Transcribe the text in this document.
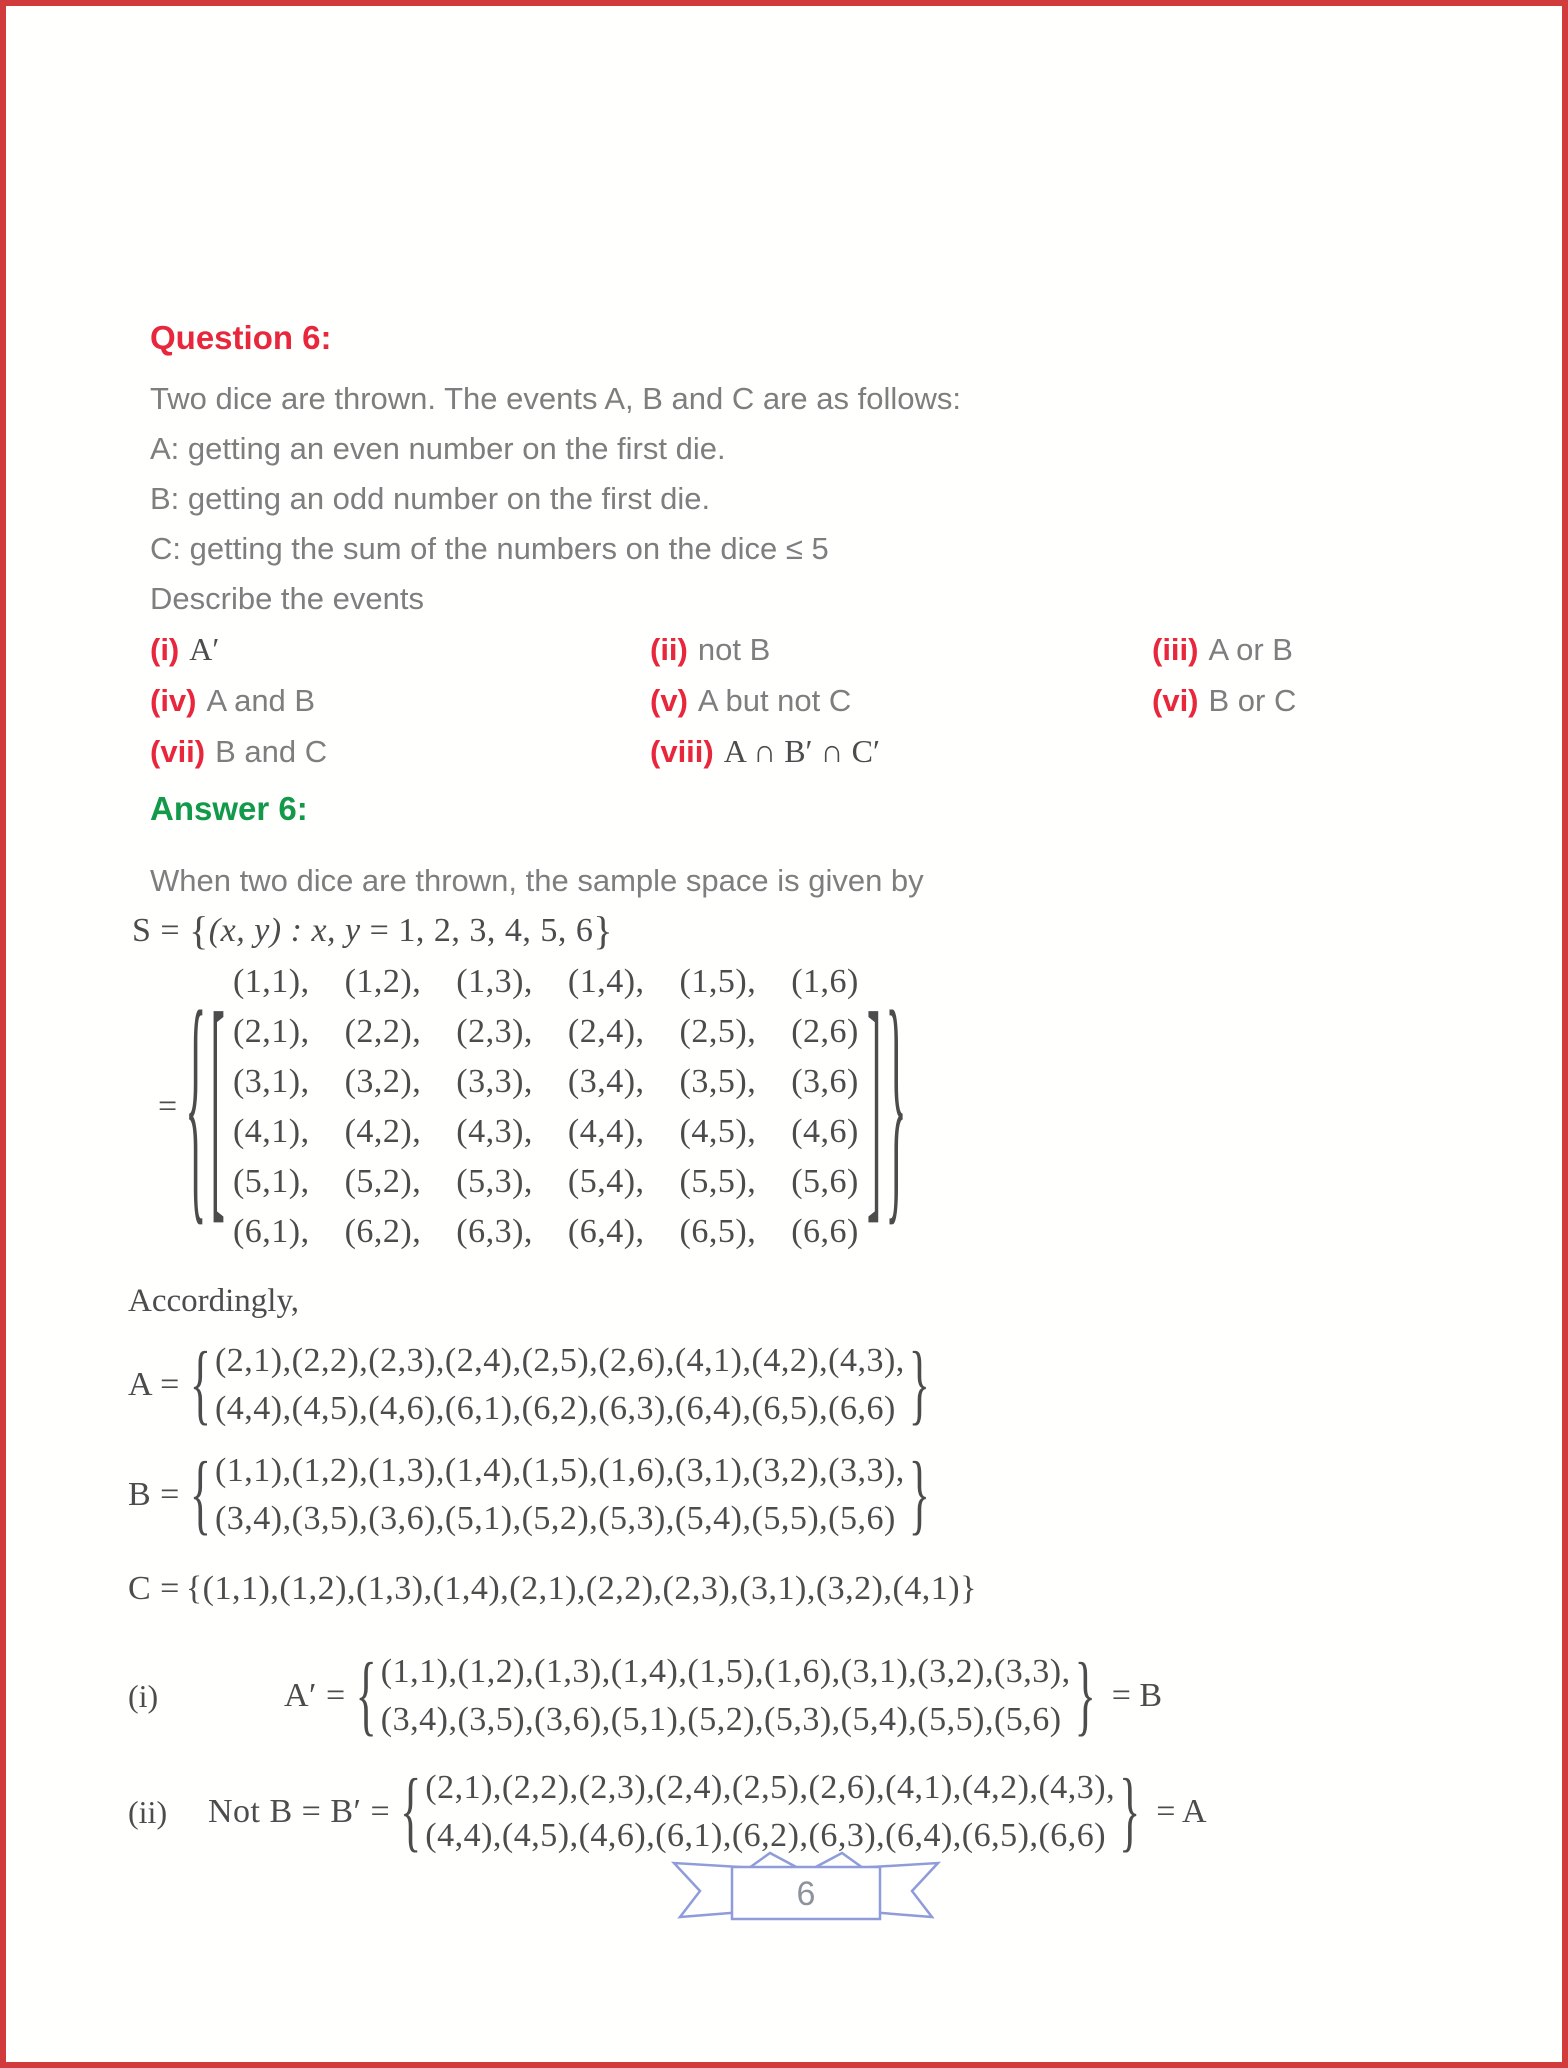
Question 6:

Two dice are thrown. The events A, B and C are as follows:

A: getting an even number on the first die.

B: getting an odd number on the first die.

C: getting the sum of the numbers on the dice ≤ 5

Describe the events

(i) A′	(ii) not B	(iii) A or B
(iv) A and B	(v) A but not C	(vi) B or C
(vii) B and C	(viii) A ∩ B′ ∩ C′

Answer 6:

When two dice are thrown, the sample space is given by

S = {(x, y) : x, y = 1, 2, 3, 4, 5, 6}
= { [ (1,1), (1,2), (1,3), (1,4), (1,5), (1,6)
(2,1), (2,2), (2,3), (2,4), (2,5), (2,6)
(3,1), (3,2), (3,3), (3,4), (3,5), (3,6)
(4,1), (4,2), (4,3), (4,4), (4,5), (4,6)
(5,1), (5,2), (5,3), (5,4), (5,5), (5,6)
(6,1), (6,2), (6,3), (6,4), (6,5), (6,6) ] }

Accordingly,

A = { (2,1),(2,2),(2,3),(2,4),(2,5),(2,6),(4,1),(4,2),(4,3),
(4,4),(4,5),(4,6),(6,1),(6,2),(6,3),(6,4),(6,5),(6,6) }
B = { (1,1),(1,2),(1,3),(1,4),(1,5),(1,6),(3,1),(3,2),(3,3),
(3,4),(3,5),(3,6),(5,1),(5,2),(5,3),(5,4),(5,5),(5,6) }
C = {(1,1),(1,2),(1,3),(1,4),(2,1),(2,2),(2,3),(3,1),(3,2),(4,1)}
(i)	A′ = { (1,1),(1,2),(1,3),(1,4),(1,5),(1,6),(3,1),(3,2),(3,3),
(3,4),(3,5),(3,6),(5,1),(5,2),(5,3),(5,4),(5,5),(5,6) } = B
(ii)	Not B = B′ = { (2,1),(2,2),(2,3),(2,4),(2,5),(2,6),(4,1),(4,2),(4,3),
(4,4),(4,5),(4,6),(6,1),(6,2),(6,3),(6,4),(6,5),(6,6) } = A
6
